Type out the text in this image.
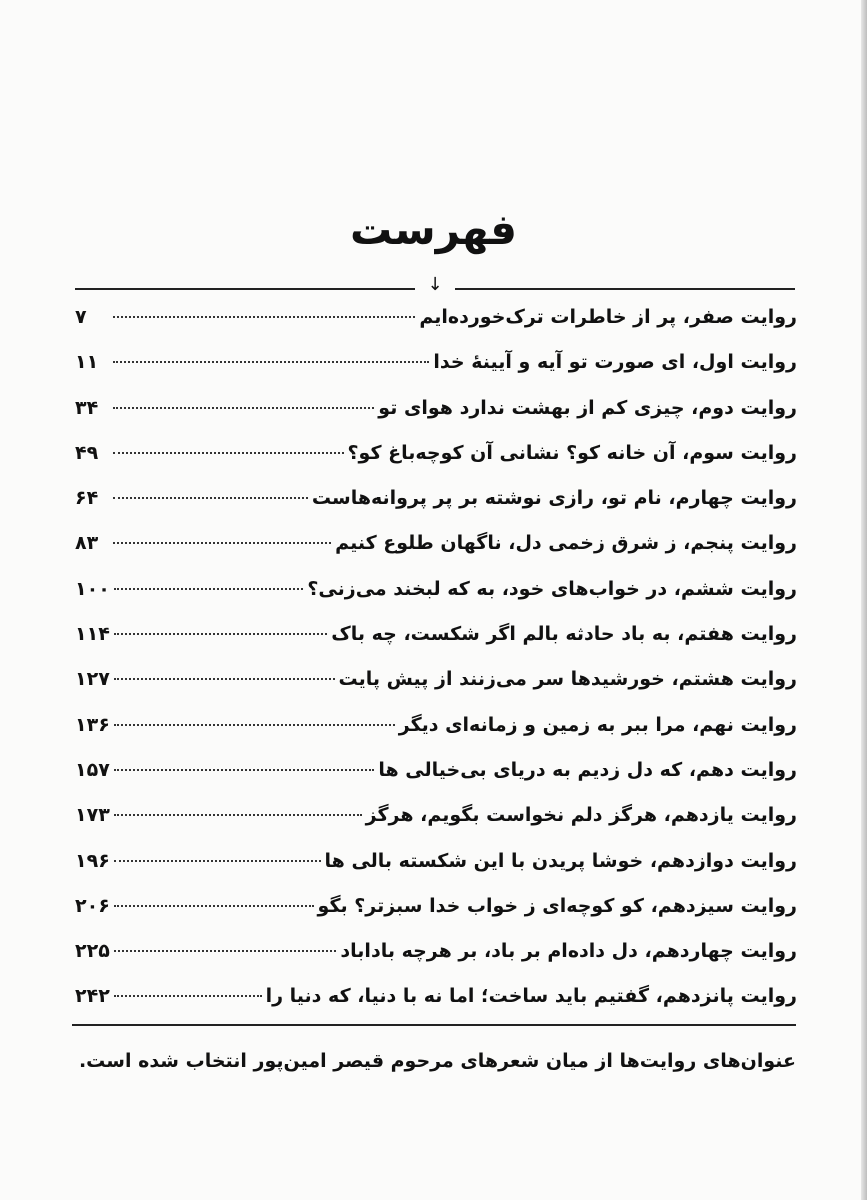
فهرست
↓
روایت صفر، پر از خاطرات ترک‌خورده‌ایم
۷
روایت اول، ای صورت تو آیه و آیینهٔ خدا
۱۱
روایت دوم، چیزی کم از بهشت ندارد هوای تو
۳۴
روایت سوم، آن خانه کو؟ نشانی آن کوچه‌باغ کو؟
۴۹
روایت چهارم، نام تو، رازی نوشته بر پر پروانه‌هاست
۶۴
روایت پنجم، ز شرق زخمی دل، ناگهان طلوع کنیم
۸۳
روایت ششم، در خواب‌های خود، به که لبخند می‌زنی؟
۱۰۰
روایت هفتم، به باد حادثه بالم اگر شکست، چه باک
۱۱۴
روایت هشتم، خورشیدها سر می‌زنند از پیش پایت
۱۲۷
روایت نهم، مرا ببر به زمین و زمانه‌ای دیگر
۱۳۶
روایت دهم، که دل زدیم به دریای بی‌خیالی ها
۱۵۷
روایت یازدهم، هرگز دلم نخواست بگویم، هرگز
۱۷۳
روایت دوازدهم، خوشا پریدن با این شکسته بالی ها
۱۹۶
روایت سیزدهم، کو کوچه‌ای ز خواب خدا سبزتر؟ بگو
۲۰۶
روایت چهاردهم، دل داده‌ام بر باد، بر هرچه باداباد
۲۲۵
روایت پانزدهم، گفتیم باید ساخت؛ اما نه با دنیا، که دنیا را
۲۴۲
عنوان‌های روایت‌ها از میان شعرهای مرحوم قیصر امین‌پور انتخاب شده است.
